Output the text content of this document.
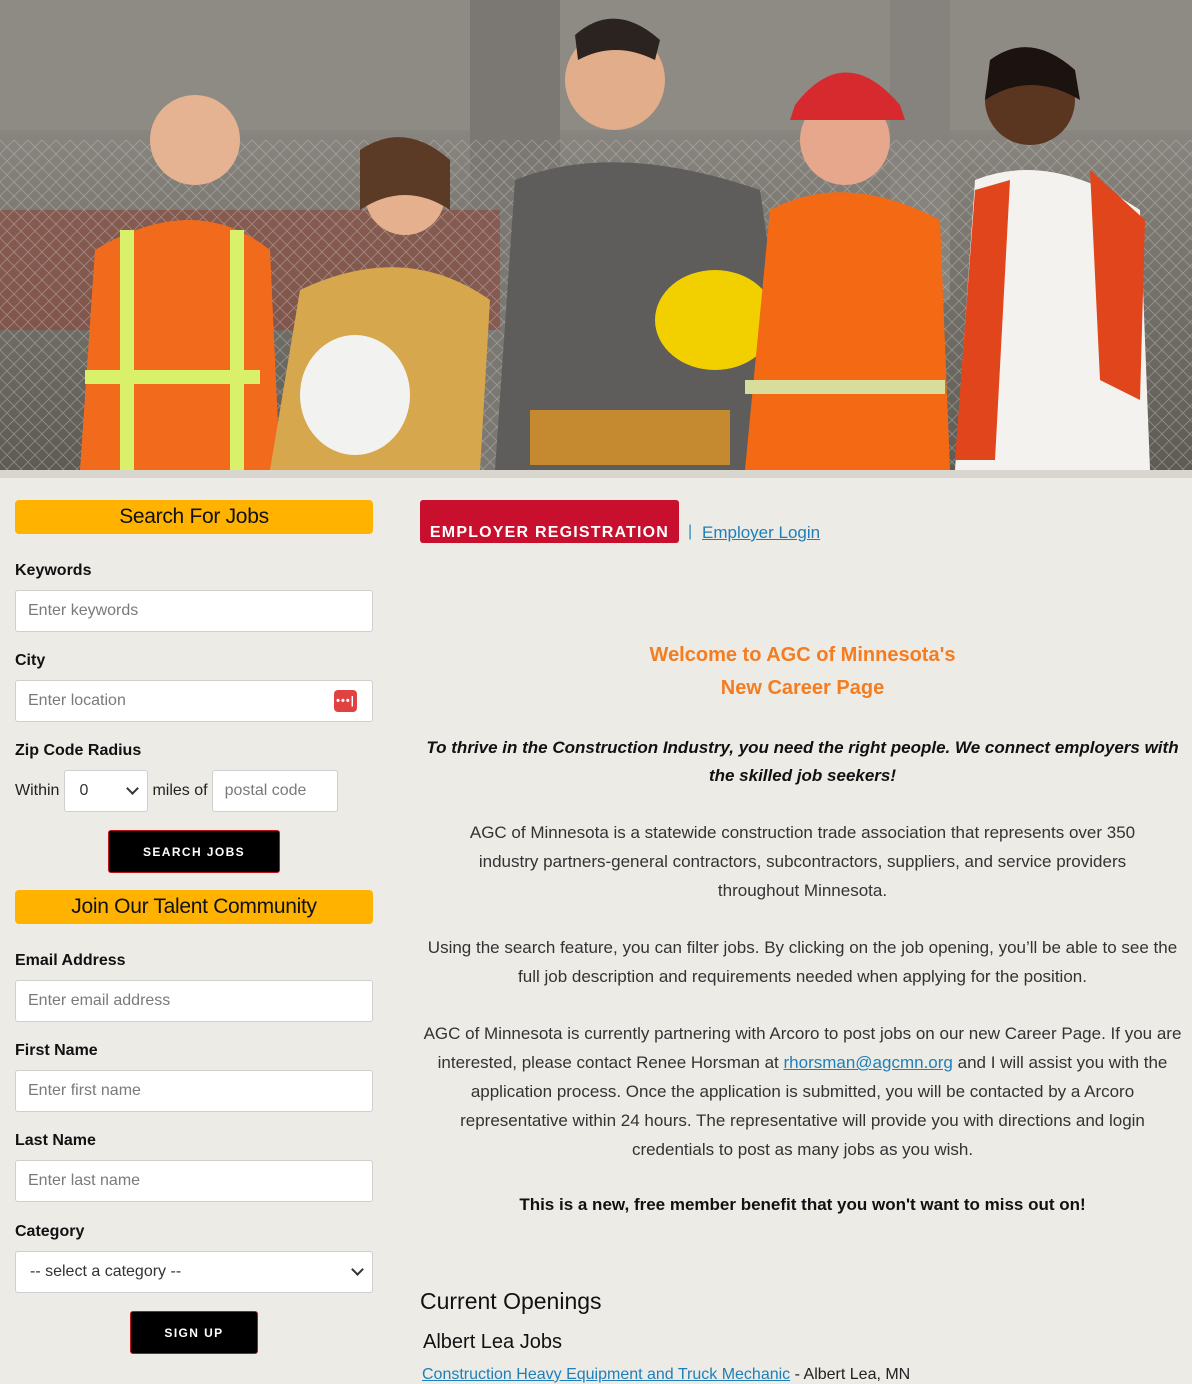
Search For Jobs
Keywords
Enter keywords
City
Enter location
•••|
Zip Code Radius
Within 0	miles of
postal code
SEARCH JOBS
Join Our Talent Community
Email Address
Enter email address
First Name
Enter first name
Last Name
Enter last name
Category
-- select a category --
SIGN UP
EMPLOYER REGISTRATION	| Employer Login
Welcome to AGC of Minnesota's
New Career Page
To thrive in the Construction Industry, you need the right people. We connect employers with the skilled job seekers!
AGC of Minnesota is a statewide construction trade association that represents over 350 industry partners-general contractors, subcontractors, suppliers, and service providers throughout Minnesota.
Using the search feature, you can filter jobs. By clicking on the job opening, you’ll be able to see the full job description and requirements needed when applying for the position.
AGC of Minnesota is currently partnering with Arcoro to post jobs on our new Career Page. If you are interested, please contact Renee Horsman at rhorsman@agcmn.org and I will assist you with the application process. Once the application is submitted, you will be contacted by a Arcoro representative within 24 hours. The representative will provide you with directions and login credentials to post as many jobs as you wish.
This is a new, free member benefit that you won't want to miss out on!
Current Openings
Albert Lea Jobs
Construction Heavy Equipment and Truck Mechanic - Albert Lea, MN
